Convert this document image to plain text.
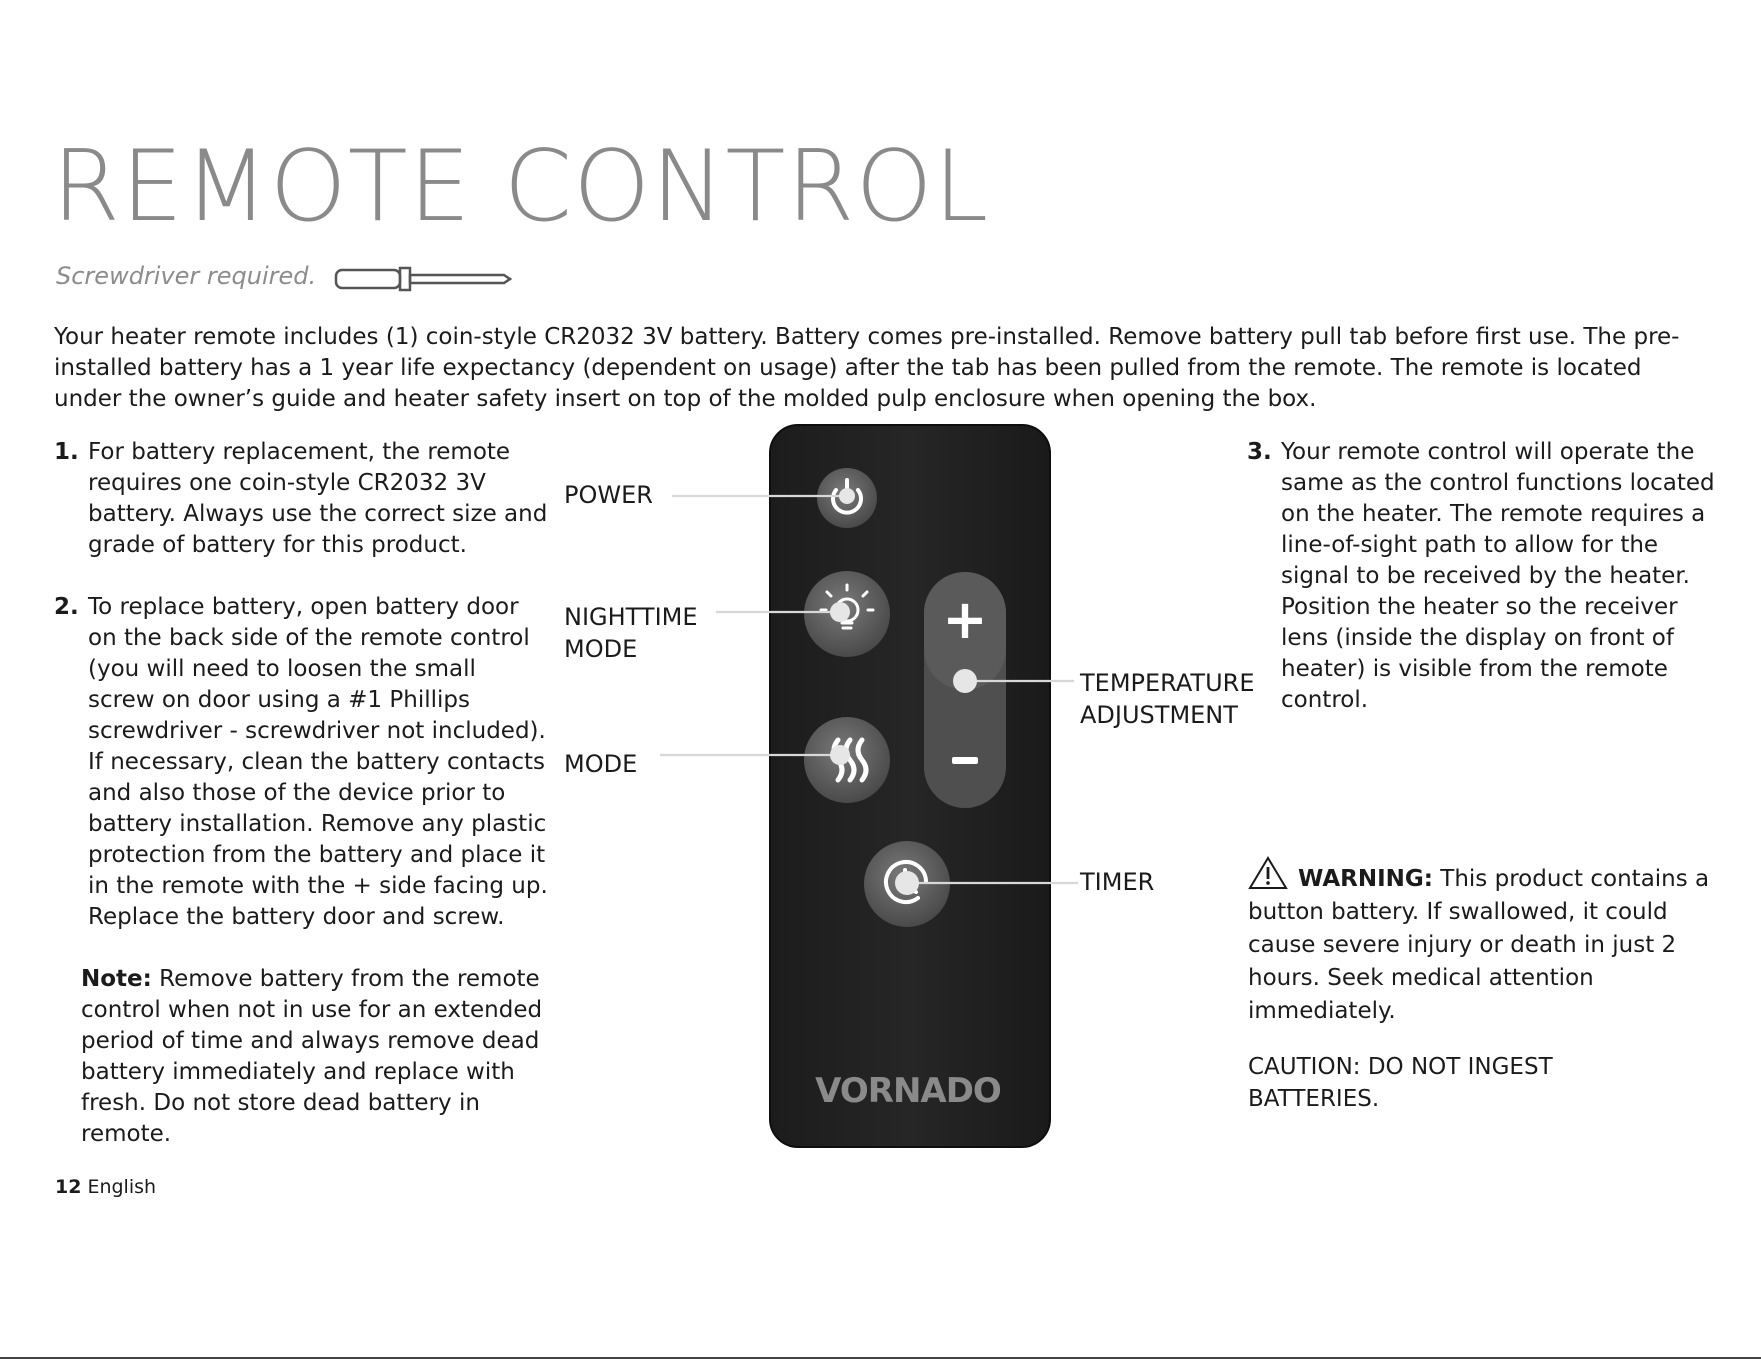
REMOTE CONTROL
Screwdriver required.
Your heater remote includes (1) coin-style CR2032 3V battery. Battery comes pre-installed. Remove battery pull tab before first use. The pre-installed battery has a 1 year life expectancy (dependent on usage) after the tab has been pulled from the remote. The remote is located under the owner’s guide and heater safety insert on top of the molded pulp enclosure when opening the box.
1. For battery replacement, the remote requires one coin-style CR2032 3V battery. Always use the correct size and grade of battery for this product.
2. To replace battery, open battery door on the back side of the remote control (you will need to loosen the small screw on door using a #1 Phillips screwdriver - screwdriver not included). If necessary, clean the battery contacts and also those of the device prior to battery installation. Remove any plastic protection from the battery and place it in the remote with the + side facing up. Replace the battery door and screw.
Note: Remove battery from the remote control when not in use for an extended period of time and always remove dead battery immediately and replace with fresh. Do not store dead battery in remote.
3. Your remote control will operate the same as the control functions located on the heater. The remote requires a line-of-sight path to allow for the signal to be received by the heater. Position the heater so the receiver lens (inside the display on front of heater) is visible from the remote control.
WARNING: This product contains a button battery. If swallowed, it could cause severe injury or death in just 2 hours. Seek medical attention immediately.
CAUTION: DO NOT INGEST BATTERIES.
+
VORNADO
POWER
NIGHTTIME
MODE
MODE
TEMPERATURE
ADJUSTMENT
TIMER
12 English
